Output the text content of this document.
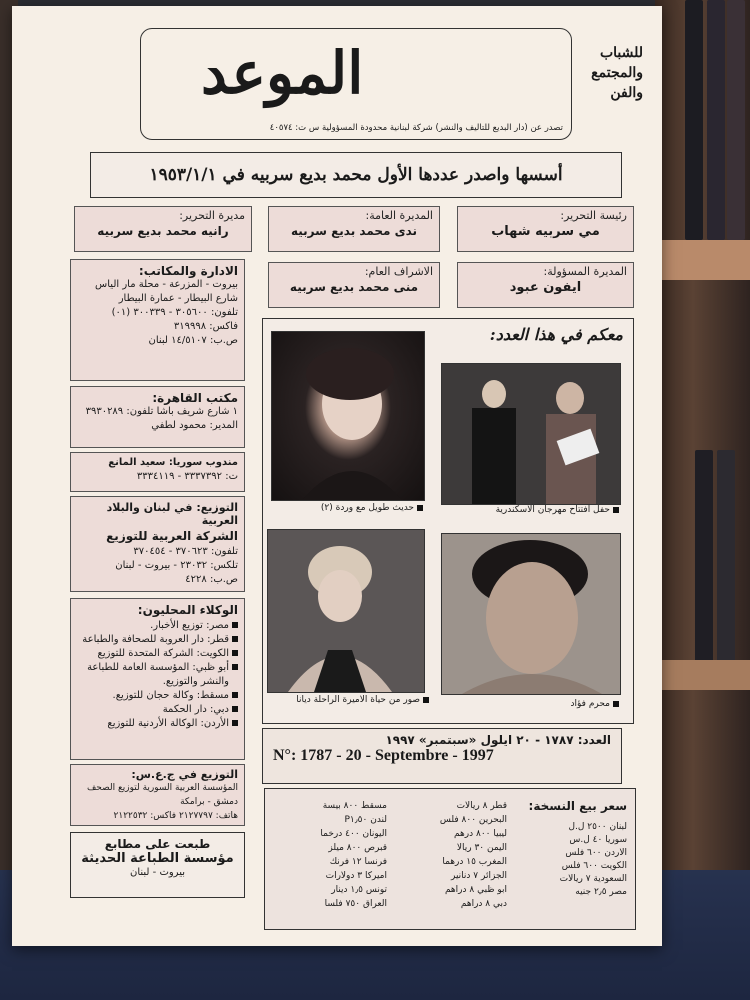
الموعد	للشباب
والمجتمع
والفن
تصدر عن (دار البديع للتاليف والنشر) شركة لبنانية محدودة المسؤولية س ت: ٤٠٥٧٤
أسسها واصدر عددها الأول محمد بديع سربيه في ١٩٥٣/١/١
رئيسة التحرير:
مي سربيه شهاب
المديرة العامة:
ندى محمد بديع سربيه
مديرة التحرير:
رانيه محمد بديع سربيه
المديرة المسؤولة:
ايفون عبود
الاشراف العام:
منى محمد بديع سربيه
الادارة والمكاتب:
بيروت - المزرعة - محلة مار الياس
شارع البيطار - عمارة البيطار
تلفون: ٣٠٥٦٠٠ - ٣٠٠٣٣٩ (٠١)
فاكس: ٣١٩٩٩٨
ص.ب: ١٤/٥١٠٧ لبنان
مكتب القاهرة:
١ شارع شريف باشا تلفون: ٣٩٣٠٢٨٩
المدير: محمود لطفي
مندوب سوريا: سعيد المانع
ت: ٣٣٣٧٣٩٢ - ٣٣٣٤١١٩
التوزيع: في لبنان والبلاد العربية
الشركة العربية للتوزيع
تلفون: ٣٧٠٦٢٣ - ٣٧٠٤٥٤
تلكس: ٢٣٠٣٢ - بيروت - لبنان
ص.ب: ٤٢٢٨
الوكلاء المحليون:
مصر: توزيع الأخبار.
قطر: دار العروبة للصحافة والطباعة
الكويت: الشركة المتحدة للتوزيع
أبو ظبي: المؤسسة العامة للطباعة
والنشر والتوزيع.
مسقط: وكالة حجان للتوزيع.
دبي: دار الحكمة
الأردن: الوكالة الأردنية للتوزيع
التوزيع في ج.ع.س:
المؤسسة العربية السورية لتوزيع الصحف
دمشق - برامكة
هاتف: ٢١٢٧٧٩٧ فاكس: ٢١٢٢٥٣٢
طبعت على مطابع
مؤسسة الطباعة الحديثة
بيروت - لبنان
معكم في هذا العدد:
حديث طويل مع وردة (٢)	حفل افتتاح مهرجان الاسكندرية
صور من حياة الاميرة الراحلة ديانا	محرم فؤاد
العدد: ١٧٨٧ - ٢٠ ايلول «سبتمبر» ١٩٩٧
N°: 1787 - 20 - Septembre - 1997
سعر بيع النسخة:
لبنان ٢٥٠٠ ل.ل
سوريا ٤٠ ل.س
الاردن ٦٠٠ فلس
الكويت ٦٠٠ فلس
السعودية ٧ ريالات
مصر ٢٫٥ جنيه
قطر ٨ ريالات
البحرين ٨٠٠ فلس
ليبيا ٨٠٠ درهم
اليمن ٣٠ ريالا
المغرب ١٥ درهما
الجزائر ٧ دنانير
ابو ظبي ٨ دراهم
دبي ٨ دراهم
مسقط ٨٠٠ بيسة
لندن P١٫٥٠
اليونان ٤٠٠ درخما
قبرص ٨٠٠ ميلز
فرنسا ١٢ فرنك
اميركا ٣ دولارات
تونس ١٫٥ دينار
العراق ٧٥٠ فلسا
